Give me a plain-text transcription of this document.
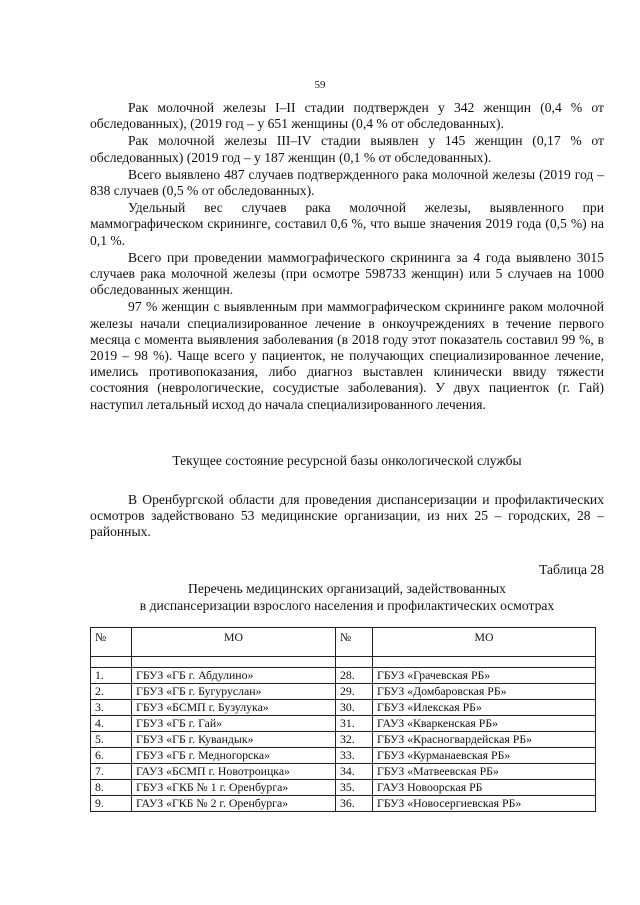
59

Рак молочной железы I–II стадии подтвержден у 342 женщин (0,4 % от обследованных), (2019 год – у 651 женщины (0,4 % от обследованных).

Рак молочной железы III–IV стадии выявлен у 145 женщин (0,17 % от обследованных) (2019 год – у 187 женщин (0,1 % от обследованных).

Всего выявлено 487 случаев подтвержденного рака молочной железы (2019 год – 838 случаев (0,5 % от обследованных).

Удельный вес случаев рака молочной железы, выявленного при маммографическом скрининге, составил 0,6 %, что выше значения 2019 года (0,5 %) на 0,1 %.

Всего при проведении маммографического скрининга за 4 года выявлено 3015 случаев рака молочной железы (при осмотре 598733 женщин) или 5 случаев на 1000 обследованных женщин.

97 % женщин с выявленным при маммографическом скрининге раком молочной железы начали специализированное лечение в онкоучреждениях в течение первого месяца с момента выявления заболевания (в 2018 году этот показатель составил 99 %, в 2019 – 98 %). Чаще всего у пациенток, не получающих специализированное лечение, имелись противопоказания, либо диагноз выставлен клинически ввиду тяжести состояния (неврологические, сосудистые заболевания). У двух пациенток (г. Гай) наступил летальный исход до начала специализированного лечения.

Текущее состояние ресурсной базы онкологической службы

В Оренбургской области для проведения диспансеризации и профилактических осмотров задействовано 53 медицинские организации, из них 25 – городских, 28 – районных.

Таблица 28

Перечень медицинских организаций, задействованных

в диспансеризации взрослого населения и профилактических осмотрах

№	МО	№	МО

1.	ГБУЗ «ГБ г. Абдулино»	28.	ГБУЗ «Грачевская РБ»
2.	ГБУЗ «ГБ г. Бугуруслан»	29.	ГБУЗ «Домбаровская РБ»
3.	ГБУЗ «БСМП г. Бузулука»	30.	ГБУЗ «Илекская РБ»
4.	ГБУЗ «ГБ г. Гай»	31.	ГАУЗ «Кваркенская РБ»
5.	ГБУЗ «ГБ г. Кувандык»	32.	ГБУЗ «Красногвардейская РБ»
6.	ГБУЗ «ГБ г. Медногорска»	33.	ГБУЗ «Курманаевская РБ»
7.	ГАУЗ «БСМП г. Новотроицка»	34.	ГБУЗ «Матвеевская РБ»
8.	ГБУЗ «ГКБ № 1 г. Оренбурга»	35.	ГАУЗ Новоорская РБ
9.	ГАУЗ «ГКБ № 2 г. Оренбурга»	36.	ГБУЗ «Новосергиевская РБ»
